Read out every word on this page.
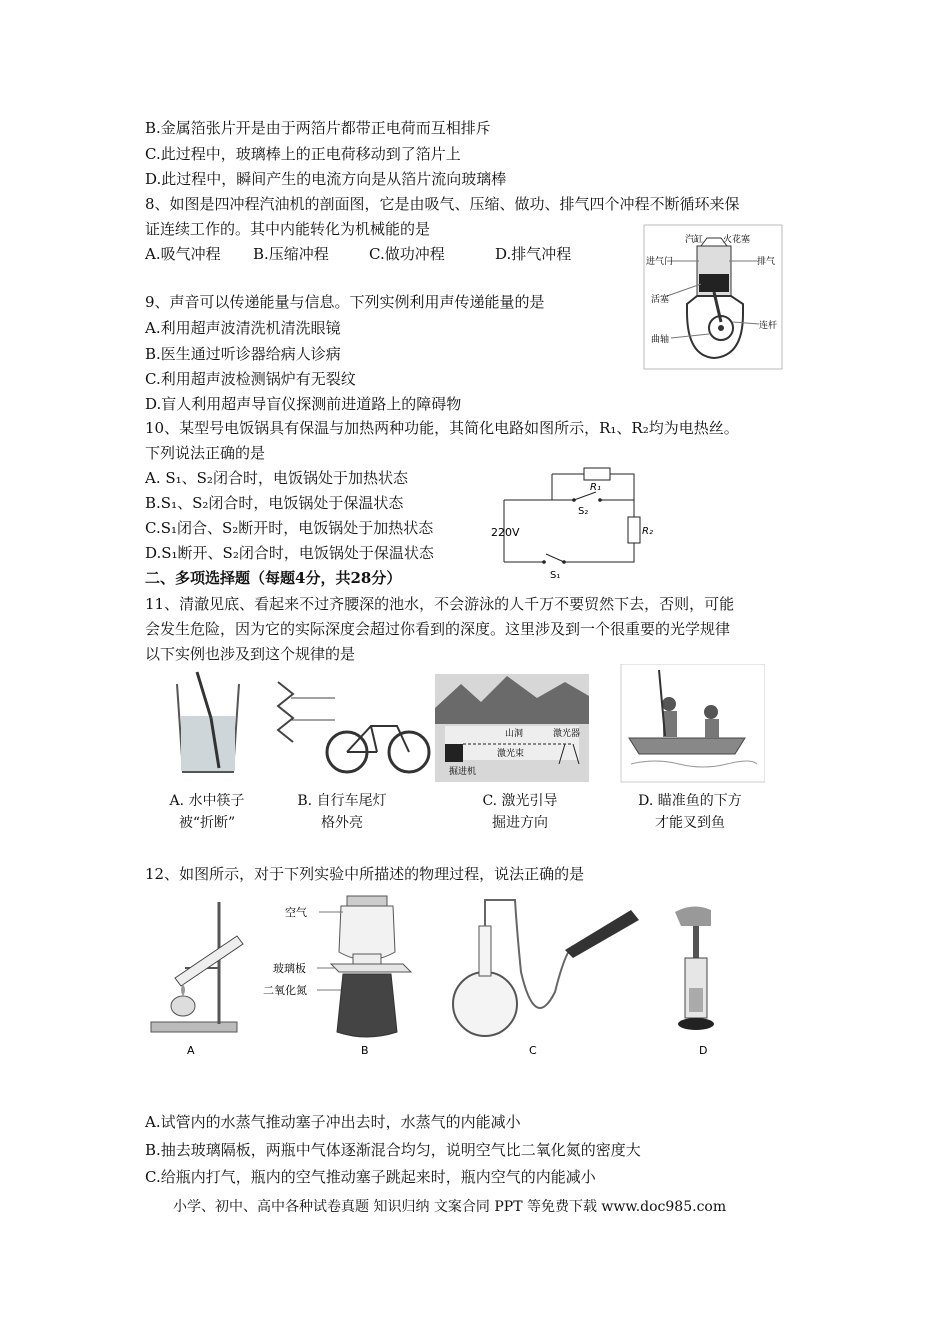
B.金属箔张片开是由于两箔片都带正电荷而互相排斥
C.此过程中，玻璃棒上的正电荷移动到了箔片上
D.此过程中，瞬间产生的电流方向是从箔片流向玻璃棒
8、如图是四冲程汽油机的剖面图，它是由吸气、压缩、做功、排气四个冲程不断循环来保
证连续工作的。其中内能转化为机械能的是
A.吸气冲程 B.压缩冲程	C.做功冲程	D.排气冲程
汽缸 火花塞
进气门	排气
活塞
连杆
曲轴
9、声音可以传递能量与信息。下列实例利用声传递能量的是
A.利用超声波清洗机清洗眼镜
B.医生通过听诊器给病人诊病
C.利用超声波检测锅炉有无裂纹
D.盲人利用超声导盲仪探测前进道路上的障碍物
10、某型号电饭锅具有保温与加热两种功能，其简化电路如图所示，R₁、R₂均为电热丝。
下列说法正确的是
A. S₁、S₂闭合时，电饭锅处于加热状态
B.S₁、S₂闭合时，电饭锅处于保温状态
C.S₁闭合、S₂断开时，电饭锅处于加热状态
D.S₁断开、S₂闭合时，电饭锅处于保温状态
220V
R₁
S₂
R₂
S₁
二、多项选择题（每题4分，共28分）
11、清澈见底、看起来不过齐腰深的池水，不会游泳的人千万不要贸然下去，否则，可能
会发生危险，因为它的实际深度会超过你看到的深度。这里涉及到一个很重要的光学规律
以下实例也涉及到这个规律的是
山洞	激光器
激光束
掘进机
A. 水中筷子
被“折断”
B. 自行车尾灯
格外亮
C. 激光引导
掘进方向
D. 瞄准鱼的下方
才能叉到鱼
12、如图所示，对于下列实验中所描述的物理过程，说法正确的是
A
空气
玻璃板
二氧化氮
B	C	D
A.试管内的水蒸气推动塞子冲出去时，水蒸气的内能减小
B.抽去玻璃隔板，两瓶中气体逐渐混合均匀，说明空气比二氧化氮的密度大
C.给瓶内打气，瓶内的空气推动塞子跳起来时，瓶内空气的内能减小
小学、初中、高中各种试卷真题 知识归纳 文案合同 PPT 等免费下载 www.doc985.com
